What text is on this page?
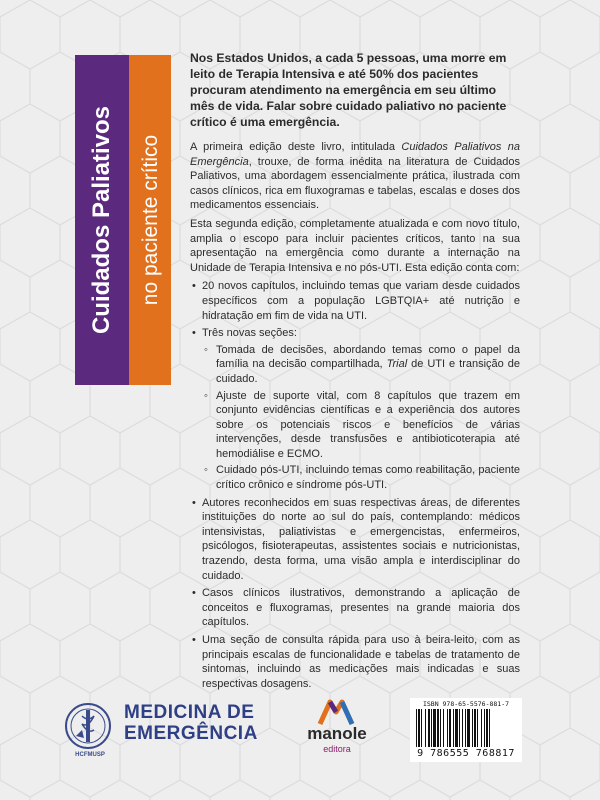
Cuidados Paliativos no paciente crítico

Nos Estados Unidos, a cada 5 pessoas, uma morre em leito de Terapia Intensiva e até 50% dos pacientes procuram atendimento na emergência em seu último mês de vida. Falar sobre cuidado paliativo no paciente crítico é uma emergência.

A primeira edição deste livro, intitulada Cuidados Paliativos na Emergência, trouxe, de forma inédita na literatura de Cuidados Paliativos, uma abordagem essencialmente prática, ilustrada com casos clínicos, rica em fluxogramas e tabelas, escalas e doses dos medicamentos essenciais.

Esta segunda edição, completamente atualizada e com novo título, amplia o escopo para incluir pacientes críticos, tanto na sua apresentação na emergência como durante a internação na Unidade de Terapia Intensiva e no pós-UTI. Esta edição conta com:

• 20 novos capítulos, incluindo temas que variam desde cuidados específicos com a população LGBTQIA+ até nutrição e hidratação em fim de vida na UTI.
• Três novas seções:
◦ Tomada de decisões, abordando temas como o papel da família na decisão compartilhada, Trial de UTI e transição de cuidado.
◦ Ajuste de suporte vital, com 8 capítulos que trazem em conjunto evidências científicas e a experiência dos autores sobre os potenciais riscos e benefícios de várias intervenções, desde transfusões e antibioticoterapia até hemodiálise e ECMO.
◦ Cuidado pós-UTI, incluindo temas como reabilitação, paciente crítico crônico e síndrome pós-UTI.
• Autores reconhecidos em suas respectivas áreas, de diferentes instituições do norte ao sul do país, contemplando: médicos intensivistas, paliativistas e emergencistas, enfermeiros, psicólogos, fisioterapeutas, assistentes sociais e nutricionistas, trazendo, desta forma, uma visão ampla e interdisciplinar do cuidado.
• Casos clínicos ilustrativos, demonstrando a aplicação de conceitos e fluxogramas, presentes na grande maioria dos capítulos.
• Uma seção de consulta rápida para uso à beira-leito, com as principais escalas de funcionalidade e tabelas de tratamento de sintomas, incluindo as medicações mais indicadas e suas respectivas dosagens.
HCFMUSP
MEDICINA DE
EMERGÊNCIA	manole
editora
ISBN 978-65-5576-881-7
9 786555 768817
